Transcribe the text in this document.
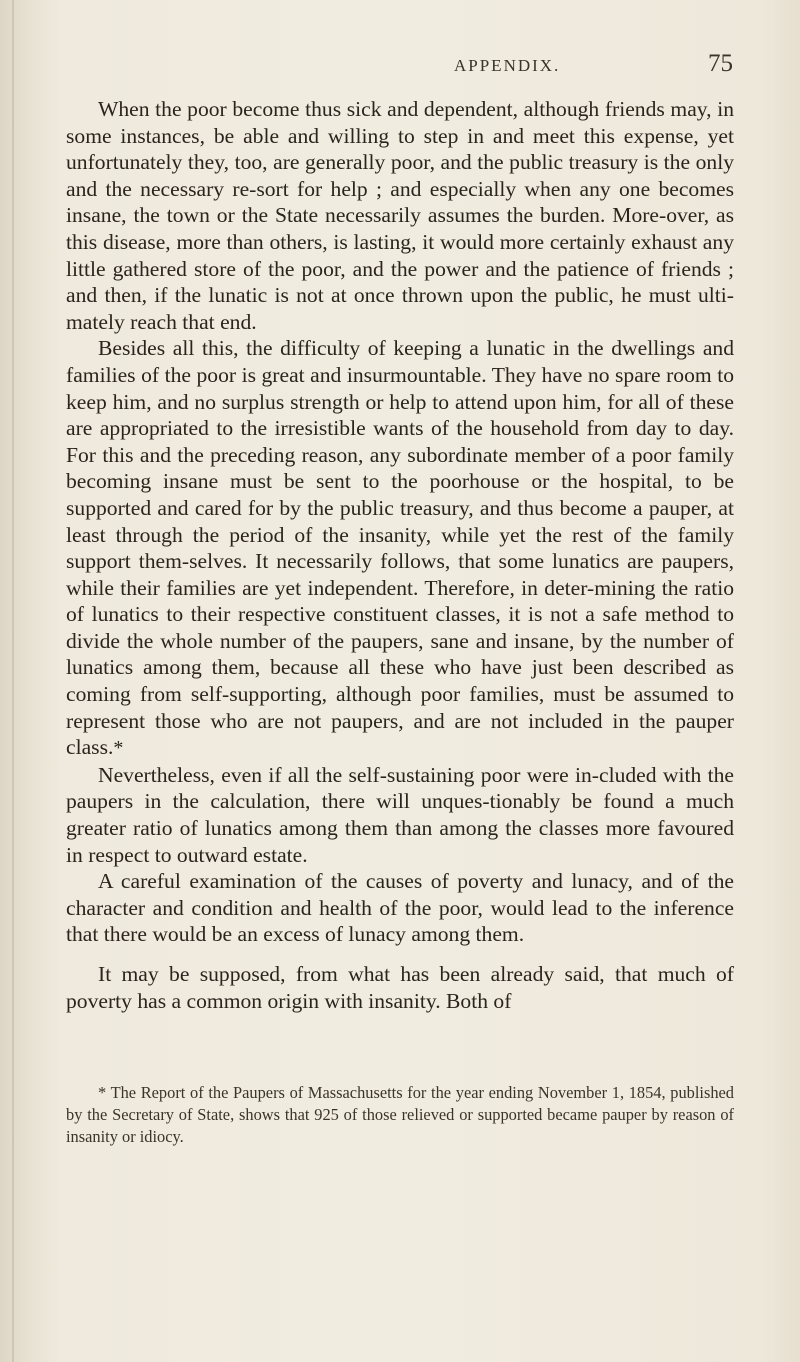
APPENDIX.	75

When the poor become thus sick and dependent, although friends may, in some instances, be able and willing to step in and meet this expense, yet unfortunately they, too, are generally poor, and the public treasury is the only and the necessary re-sort for help ; and especially when any one becomes insane, the town or the State necessarily assumes the burden. More-over, as this disease, more than others, is lasting, it would more certainly exhaust any little gathered store of the poor, and the power and the patience of friends ; and then, if the lunatic is not at once thrown upon the public, he must ulti-mately reach that end.

Besides all this, the difficulty of keeping a lunatic in the dwellings and families of the poor is great and insurmountable. They have no spare room to keep him, and no surplus strength or help to attend upon him, for all of these are appropriated to the irresistible wants of the household from day to day. For this and the preceding reason, any subordinate member of a poor family becoming insane must be sent to the poorhouse or the hospital, to be supported and cared for by the public treasury, and thus become a pauper, at least through the period of the insanity, while yet the rest of the family support them-selves. It necessarily follows, that some lunatics are paupers, while their families are yet independent. Therefore, in deter-mining the ratio of lunatics to their respective constituent classes, it is not a safe method to divide the whole number of the paupers, sane and insane, by the number of lunatics among them, because all these who have just been described as coming from self-supporting, although poor families, must be assumed to represent those who are not paupers, and are not included in the pauper class.*

Nevertheless, even if all the self-sustaining poor were in-cluded with the paupers in the calculation, there will unques-tionably be found a much greater ratio of lunatics among them than among the classes more favoured in respect to outward estate.

A careful examination of the causes of poverty and lunacy, and of the character and condition and health of the poor, would lead to the inference that there would be an excess of lunacy among them.

It may be supposed, from what has been already said, that much of poverty has a common origin with insanity. Both of

* The Report of the Paupers of Massachusetts for the year ending November 1, 1854, published by the Secretary of State, shows that 925 of those relieved or supported became pauper by reason of insanity or idiocy.
